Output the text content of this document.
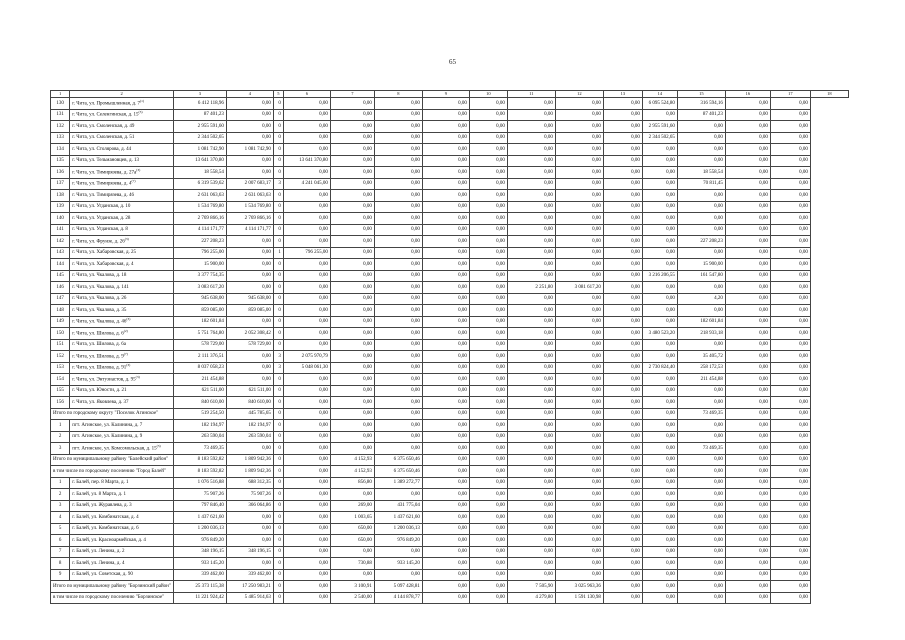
65
1	2	3	4	5	6	7	8	9	10	11	12	13	14	15	16	17	18
130	г. Чита, ул. Промышленная, д. 7$^{(1)}$	6 412 118,96	0,00	0	0,00	0,00	0,00	0,00	0,00	0,00	0,00	0,00	6 095 524,80	316 594,16	0,00	0,00	
131	г. Чита, ул. Селенгинская, д. 15$^{(3)}$	87 401,23	0,00	0	0,00	0,00	0,00	0,00	0,00	0,00	0,00	0,00	0,00	87 401,23	0,00	0,00	
132	г. Чита, ул. Смоленская, д. 49	2 955 591,60	0,00	0	0,00	0,00	0,00	0,00	0,00	0,00	0,00	0,00	2 955 591,60	0,00	0,00	0,00	
133	г. Чита, ул. Смоленская, д. 51	2 344 502,65	0,00	0	0,00	0,00	0,00	0,00	0,00	0,00	0,00	0,00	2 344 502,65	0,00	0,00	0,00	
134	г. Чита, ул. Столярова, д. 44	1 081 742,90	1 081 742,90	0	0,00	0,00	0,00	0,00	0,00	0,00	0,00	0,00	0,00	0,00	0,00	0,00	
135	г. Чита, ул. Тельмановцев, д. 13	13 641 370,80	0,00	0	13 641 370,80	0,00	0,00	0,00	0,00	0,00	0,00	0,00	0,00	0,00	0,00	0,00	
136	г. Чита, ул. Тимирязева, д. $27а^{(3)}$	18 558,54	0,00	0	0,00	0,00	0,00	0,00	0,00	0,00	0,00	0,00	0,00	18 558,54	0,00	0,00	
137	г. Чита, ул. Тимирязева, д. 4$^{(7)}$	6 319 539,62	2 007 683,17	3	4 241 045,00	0,00	0,00	0,00	0,00	0,00	0,00	0,00	0,00	70 811,45	0,00	0,00	
138	г. Чита, ул. Тимирязева, д. 46	2 631 063,63	2 631 063,63	0	0,00	0,00	0,00	0,00	0,00	0,00	0,00	0,00	0,00	0,00	0,00	0,00	
139	г. Чита, ул. Угданская, д. 10	1 534 769,80	1 534 769,80	0	0,00	0,00	0,00	0,00	0,00	0,00	0,00	0,00	0,00	0,00	0,00	0,00	
140	г. Чита, ул. Угданская, д. 28	2 769 866,16	2 769 866,16	0	0,00	0,00	0,00	0,00	0,00	0,00	0,00	0,00	0,00	0,00	0,00	0,00	
141	г. Чита, ул. Угданская, д. 8	4 114 171,77	4 114 171,77	0	0,00	0,00	0,00	0,00	0,00	0,00	0,00	0,00	0,00	0,00	0,00	0,00	
142	г. Чита, ул. Фрунзе, д. 26$^{(3)}$	227 208,23	0,00	0	0,00	0,00	0,00	0,00	0,00	0,00	0,00	0,00	0,00	227 208,23	0,00	0,00	
143	г. Чита, ул. Хабаровская, д. 25	796 255,00	0,00	1	796 255,00	0,00	0,00	0,00	0,00	0,00	0,00	0,00	0,00	0,00	0,00	0,00	
144	г. Чита, ул. Хабаровская, д. 4	15 900,00	0,00	0	0,00	0,00	0,00	0,00	0,00	0,00	0,00	0,00	0,00	15 900,00	0,00	0,00	
145	г. Чита, ул. Чкалова, д. 18	3 377 754,35	0,00	0	0,00	0,00	0,00	0,00	0,00	0,00	0,00	0,00	3 216 206,55	161 547,80	0,00	0,00	
146	г. Чита, ул. Чкалова, д. 141	3 083 617,20	0,00	0	0,00	0,00	0,00	0,00	0,00	2 251,80	3 081 617,20	0,00	0,00	0,00	0,00	0,00	
147	г. Чита, ул. Чкалова, д. 26	945 638,00	945 638,00	0	0,00	0,00	0,00	0,00	0,00	0,00	0,00	0,00	0,00	4,20	0,00	0,00	
148	г. Чита, ул. Чкалова, д. 35	859 085,00	859 085,00	0	0,00	0,00	0,00	0,00	0,00	0,00	0,00	0,00	0,00	0,00	0,00	0,00	
149	г. Чита, ул. Чкалова, д. 46$^{(3)}$	182 601,84	0,00	0	0,00	0,00	0,00	0,00	0,00	0,00	0,00	0,00	0,00	182 601,84	0,00	0,00	
150	г. Чита, ул. Шилова, д. 6$^{(2)}$	5 751 764,80	2 052 308,42	0	0,00	0,00	0,00	0,00	0,00	0,00	0,00	0,00	3 480 523,20	218 933,18	0,00	0,00	
151	г. Чита, ул. Шилова, д. 6а	578 729,00	578 729,00	0	0,00	0,00	0,00	0,00	0,00	0,00	0,00	0,00	0,00	0,00	0,00	0,00	
152	г. Чита, ул. Шилова, д. 9$^{(7)}$	2 111 376,51	0,00	3	2 075 970,79	0,00	0,00	0,00	0,00	0,00	0,00	0,00	0,00	35 405,72	0,00	0,00	
153	г. Чита, ул. Шилова, д. 91$^{(3)}$	8 037 058,23	0,00	3	5 048 061,30	0,00	0,00	0,00	0,00	0,00	0,00	0,00	2 730 824,40	258 172,53	0,00	0,00	
154	г. Чита, ул. Энтузиастов, д. 95$^{(3)}$	211 454,88	0,00	0	0,00	0,00	0,00	0,00	0,00	0,00	0,00	0,00	0,00	211 454,88	0,00	0,00	
155	г. Чита, ул. Юности, д. 21	621 511,00	621 511,00	0	0,00	0,00	0,00	0,00	0,00	0,00	0,00	0,00	0,00	0,00	0,00	0,00	
156	г. Чита, ул. Яковлева, д. 37	840 610,00	840 610,00	0	0,00	0,00	0,00	0,00	0,00	0,00	0,00	0,00	0,00	0,00	0,00	0,00	
Итого по городскому округу "Поселок Агинское"		519 254,50	445 785,65	0	0,00	0,00	0,00	0,00	0,00	0,00	0,00	0,00	0,00	73 469,35	0,00	0,00	
1	пгт. Агинское, ул. Калинина, д. 7	182 194,97	182 194,97	0	0,00	0,00	0,00	0,00	0,00	0,00	0,00	0,00	0,00	0,00	0,00	0,00	
2	пгт. Агинское, ул. Калинина, д. 9	263 590,04	263 590,04	0	0,00	0,00	0,00	0,00	0,00	0,00	0,00	0,00	0,00	0,00	0,00	0,00	
3	пгт. Агинское, ул. Комсомольская, д. 15$^{(3)}$	73 469,35	0,00	0	0,00	0,00	0,00	0,00	0,00	0,00	0,00	0,00	0,00	73 469,35	0,00	0,00	
Итого по муниципальному району "Балейский район"		8 183 592,82	1 809 942,36	0	0,00	4 152,93	6 375 650,46	0,00	0,00	0,00	0,00	0,00	0,00	0,00	0,00	0,00	
в том числе по городскому поселению "Город Балей"		8 183 592,82	1 809 942,36	0	0,00	4 152,93	6 375 650,46	0,00	0,00	0,00	0,00	0,00	0,00	0,00	0,00	0,00	
1	г. Балей, пер. 8 Марта, д. 1	1 076 516,88	688 312,35	0	0,00	856,80	1 389 272,77	0,00	0,00	0,00	0,00	0,00	0,00	0,00	0,00	0,00	
2	г. Балей, ул. 8 Марта, д. 1	75 907,26	75 907,26	0	0,00	0,00	0,00	0,00	0,00	0,00	0,00	0,00	0,00	0,00	0,00	0,00	
3	г. Балей, ул. Журавлева, д. 3	797 846,40	366 064,86	0	0,00	269,00	431 775,04	0,00	0,00	0,00	0,00	0,00	0,00	0,00	0,00	0,00	
4	г. Балей, ул. Комбинатская, д. 4	1 437 621,60	0,00	0	0,00	1 003,65	1 437 621,60	0,00	0,00	0,00	0,00	0,00	0,00	0,00	0,00	0,00	
5	г. Балей, ул. Комбинатская, д. 6	1 200 036,13	0,00	0	0,00	650,00	1 200 036,13	0,00	0,00	0,00	0,00	0,00	0,00	0,00	0,00	0,00	
6	г. Балей, ул. Красноармейская, д. 4	976 849,20	0,00	0	0,00	650,00	976 849,20	0,00	0,00	0,00	0,00	0,00	0,00	0,00	0,00	0,00	
7	г. Балей, ул. Ленина, д. 2	348 196,15	348 196,15	0	0,00	0,00	0,00	0,00	0,00	0,00	0,00	0,00	0,00	0,00	0,00	0,00	
8	г. Балей, ул. Ленина, д. 4	933 145,20	0,00	0	0,00	730,88	933 145,20	0,00	0,00	0,00	0,00	0,00	0,00	0,00	0,00	0,00	
9	г. Балей, ул. Советская, д. 90	339 462,00	339 462,00	0	0,00	0,00	0,00	0,00	0,00	0,00	0,00	0,00	0,00	0,00	0,00	0,00	
Итого по муниципальному району "Борзинский район"		25 373 115,38	17 250 983,21	0	0,00	3 100,91	5 097 428,81	0,00	0,00	7 505,90	3 025 963,36	0,00	0,00	0,00	0,00	0,00	
в том числе по городскому поселению "Борзинское"		11 221 924,42	5 485 914,63	0	0,00	2 540,00	4 144 878,77	0,00	0,00	4 279,80	1 591 130,98	0,00	0,00	0,00	0,00	0,00	
